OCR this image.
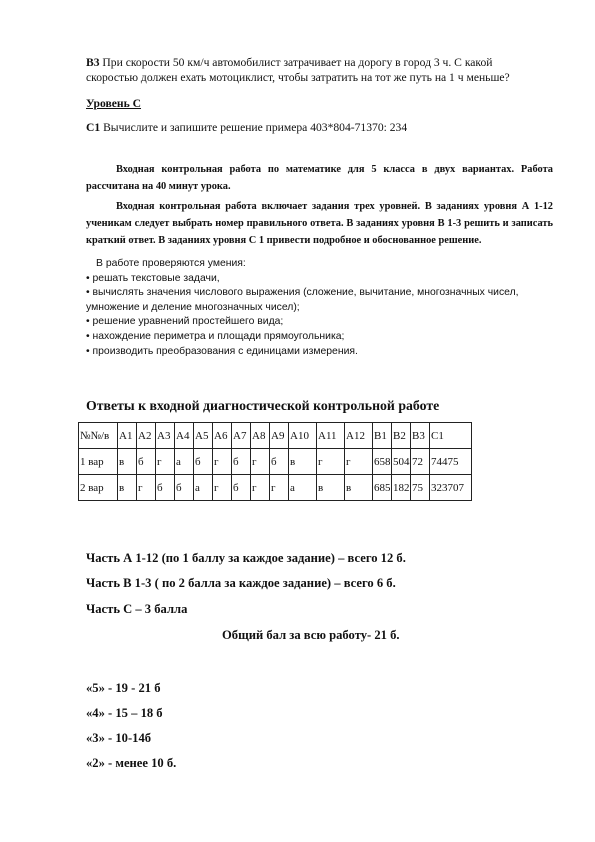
В3 При скорости 50 км/ч автомобилист затрачивает на дорогу в город 3 ч. С какой
скоростью должен ехать мотоциклист, чтобы затратить на тот же путь на 1 ч меньше?
Уровень С
С1 Вычислите и запишите решение примера 403*804-71370: 234
Входная контрольная работа по математике для 5 класса в двух вариантах. Работа рассчитана на 40 минут урока.
Входная контрольная работа включает задания трех уровней. В заданиях уровня А 1-12 ученикам следует выбрать номер правильного ответа. В заданиях уровня В 1-3 решить и записать краткий ответ. В заданиях уровня С 1 привести подробное и обоснованное решение.
В работе проверяются умения:
• решать текстовые задачи,
• вычислять значения числового выражения (сложение, вычитание, многозначных чисел,
умножение и деление многозначных чисел);
• решение уравнений простейшего вида;
• нахождение периметра и площади прямоугольника;
• производить преобразования с единицами измерения.
Ответы к входной диагностической контрольной работе
№№/в	А1	А2	А3	А4	А5	А6	А7	А8	А9	А10	А11	А12	В1	В2	В3	С1
1 вар	в	б	г	а	б	г	б	г	б	в	г	г	658	504	72	74475
2 вар	в	г	б	б	а	г	б	г	г	а	в	в	685	182	75	323707
Часть А 1-12 (по 1 баллу за каждое задание) – всего 12 б.
Часть В 1-3 ( по 2 балла за каждое задание) – всего 6 б.
Часть С – 3 балла
Общий бал за всю работу- 21 б.
«5» - 19 - 21 б
«4» - 15 – 18 б
«3» - 10-14б
«2» - менее 10 б.
